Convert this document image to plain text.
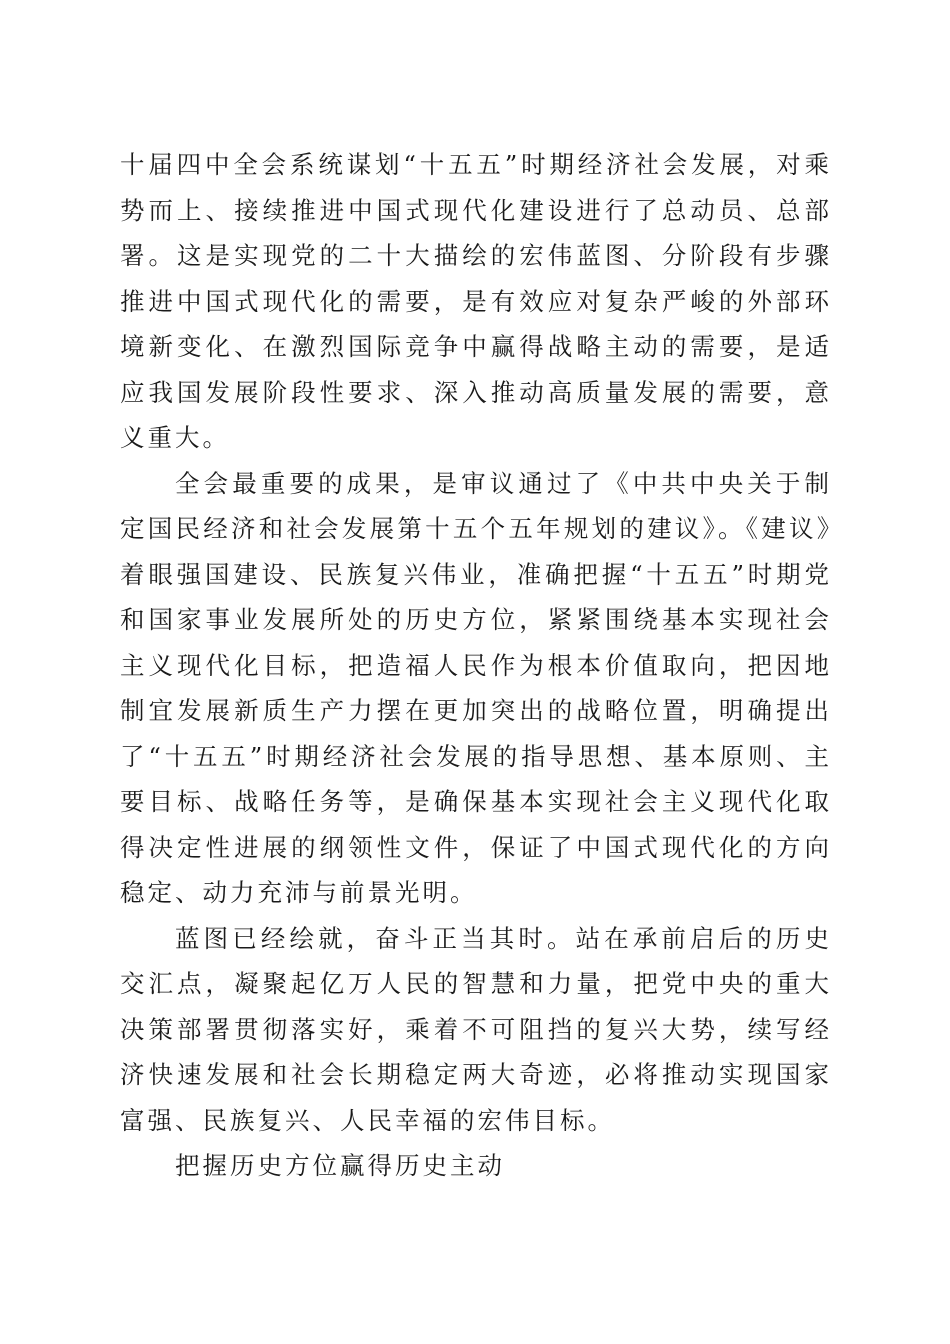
十届四中全会系统谋划“十五五”时期经济社会发展，对乘势而上、接续推进中国式现代化建设进行了总动员、总部署。这是实现党的二十大描绘的宏伟蓝图、分阶段有步骤推进中国式现代化的需要，是有效应对复杂严峻的外部环境新变化、在激烈国际竞争中赢得战略主动的需要，是适应我国发展阶段性要求、深入推动高质量发展的需要，意义重大。

全会最重要的成果，是审议通过了《中共中央关于制定国民经济和社会发展第十五个五年规划的建议》。《建议》着眼强国建设、民族复兴伟业，准确把握“十五五”时期党和国家事业发展所处的历史方位，紧紧围绕基本实现社会主义现代化目标，把造福人民作为根本价值取向，把因地制宜发展新质生产力摆在更加突出的战略位置，明确提出了“十五五”时期经济社会发展的指导思想、基本原则、主要目标、战略任务等，是确保基本实现社会主义现代化取得决定性进展的纲领性文件，保证了中国式现代化的方向稳定、动力充沛与前景光明。

蓝图已经绘就，奋斗正当其时。站在承前启后的历史交汇点，凝聚起亿万人民的智慧和力量，把党中央的重大决策部署贯彻落实好，乘着不可阻挡的复兴大势，续写经济快速发展和社会长期稳定两大奇迹，必将推动实现国家富强、民族复兴、人民幸福的宏伟目标。

把握历史方位赢得历史主动
